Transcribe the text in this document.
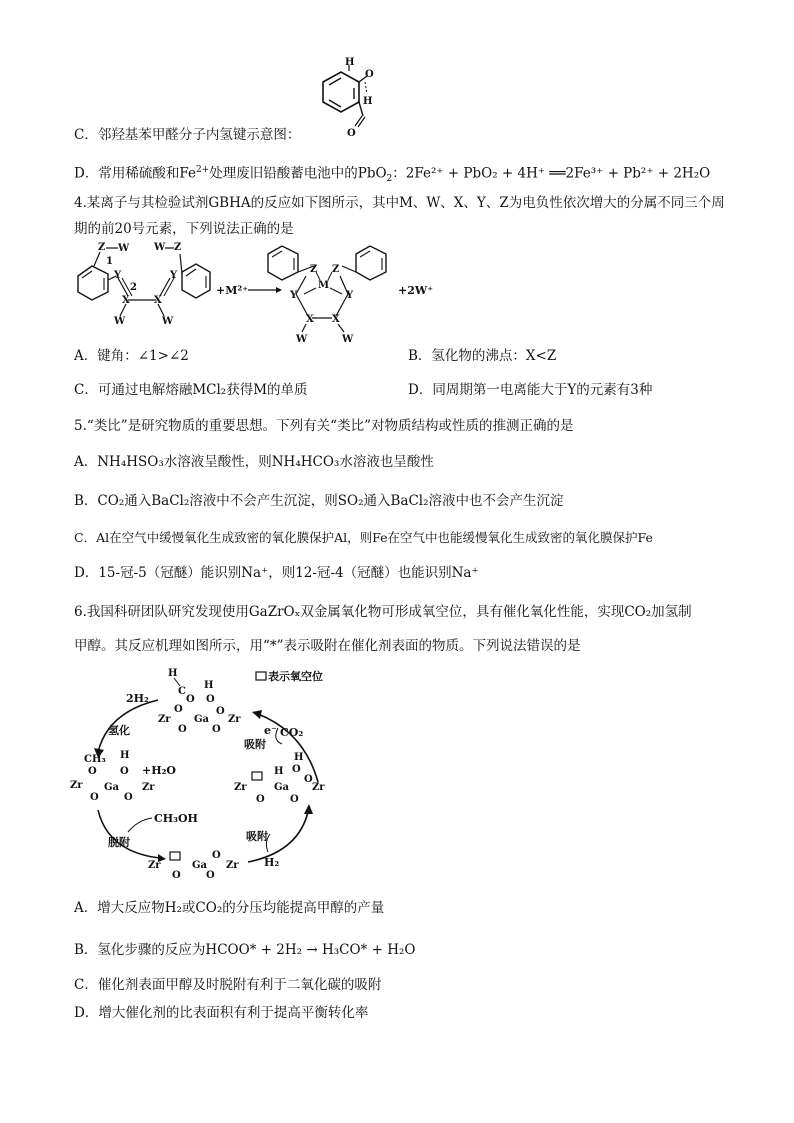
H
O
H
O
C．邻羟基苯甲醛分子内氢键示意图：
D．常用稀硫酸和$Fe^{2+}$处理废旧铅酸蓄电池中的PbO$_2$：2Fe²⁺ + PbO₂ + 4H⁺ ══2Fe³⁺ + Pb²⁺ + 2H₂O
4.某离子与其检验试剂GBHA的反应如下图所示，其中M、W、X、Y、Z为电负性依次增大的分属不同三个周
期的前20号元素，下列说法正确的是
Z W
1
Y
2
X X
Y
W Z
W	W
+M²⁺
Z Z
M
Y	Y
X X
W	W
+2W⁺
A．键角：∠1>∠2	B．氢化物的沸点：X<Z
C．可通过电解熔融MCl₂获得M的单质	D．同周期第一电离能大于Y的元素有3种
5.“类比”是研究物质的重要思想。下列有关“类比”对物质结构或性质的推测正确的是
A．NH₄HSO₃水溶液呈酸性，则NH₄HCO₃水溶液也呈酸性
B．CO₂通入BaCl₂溶液中不会产生沉淀，则SO₂通入BaCl₂溶液中也不会产生沉淀
C．Al在空气中缓慢氧化生成致密的氧化膜保护Al，则Fe在空气中也能缓慢氧化生成致密的氧化膜保护Fe
D．15-冠-5（冠醚）能识别Na⁺，则12-冠-4（冠醚）也能识别Na⁺
6.我国科研团队研究发现使用GaZrOₓ双金属氧化物可形成氧空位，具有催化氧化性能，实现CO₂加氢制
甲醇。其反应机理如图所示，用“*”表示吸附在催化剂表面的物质。下列说法错误的是
表示氧空位
H
C
O
O
Zr Ga
H
O
O
Zr
O	O
2H₂
氢化	e⁻ CO₂
吸附
CH₃
O
H
O +H₂O
Zr Ga Zr
O	O
H
O
Zr
H
Ga
O
Zr
O	O
CH₃OH
脱附	吸附
H₂
Zr	Ga
O
Zr
O	O
A．增大反应物H₂或CO₂的分压均能提高甲醇的产量
B．氢化步骤的反应为HCOO* + 2H₂ → H₃CO* + H₂O
C．催化剂表面甲醇及时脱附有利于二氧化碳的吸附
D．增大催化剂的比表面积有利于提高平衡转化率
